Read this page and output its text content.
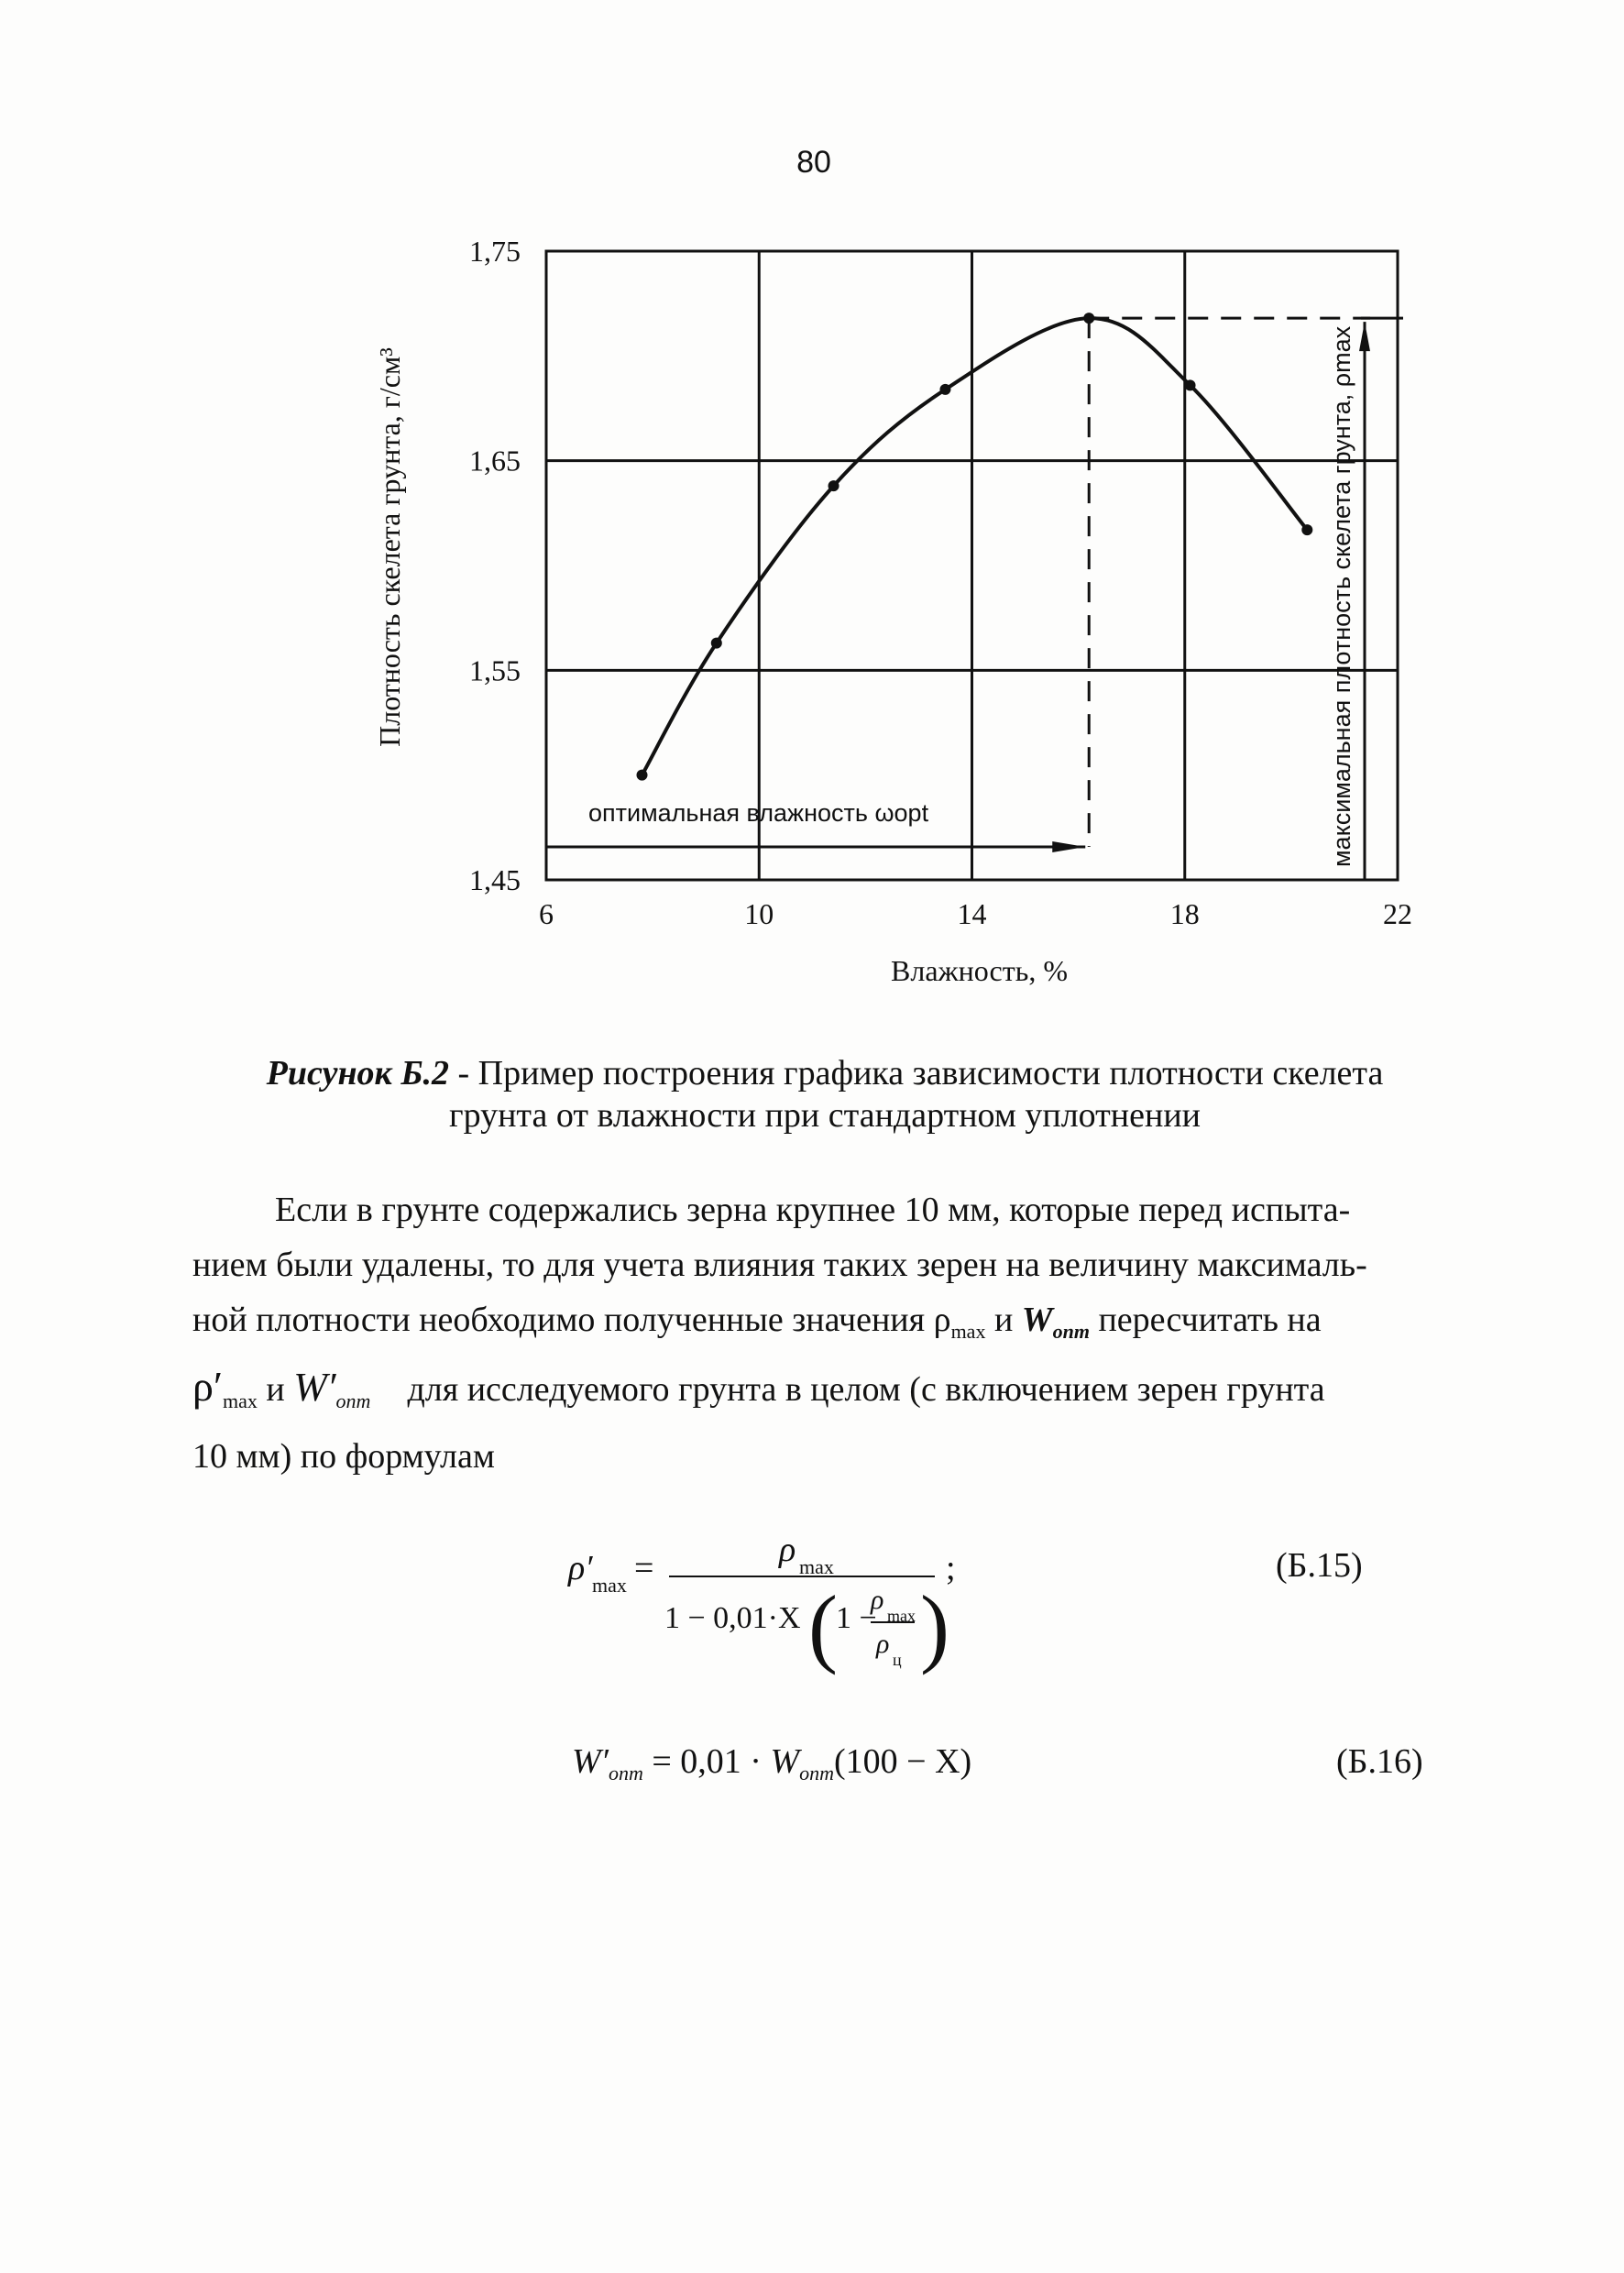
80
6	10	14	18	22
1,45
1,55
1,65
1,75
Плотность скелета грунта, г/см³
Влажность, %
оптимальная влажность ωopt	максимальная плотность скелета грунта, ρmax
Рисунок Б.2 - Пример построения графика зависимости плотности скелета
грунта от влажности при стандартном уплотнении
Если в грунте содержались зерна крупнее 10 мм, которые перед испыта-
нием были удалены, то для учета влияния таких зерен на величину максималь-
ной плотности необходимо полученные значения $\rho_{max}$ и $W_{опт}$ пересчитать на
$\rho'_{max}$ и $W'_{опт}$ для исследуемого грунта в целом (с включением зерен грунта
10 мм) по формулам
ρ′ max =	ρ max
1 − 0,01·X (
1 −
ρ
max
ρ
ц )
;	(Б.15)
$W'_{опт} = 0,01 \cdot W_{опт}(100 - X)$	(Б.16)
